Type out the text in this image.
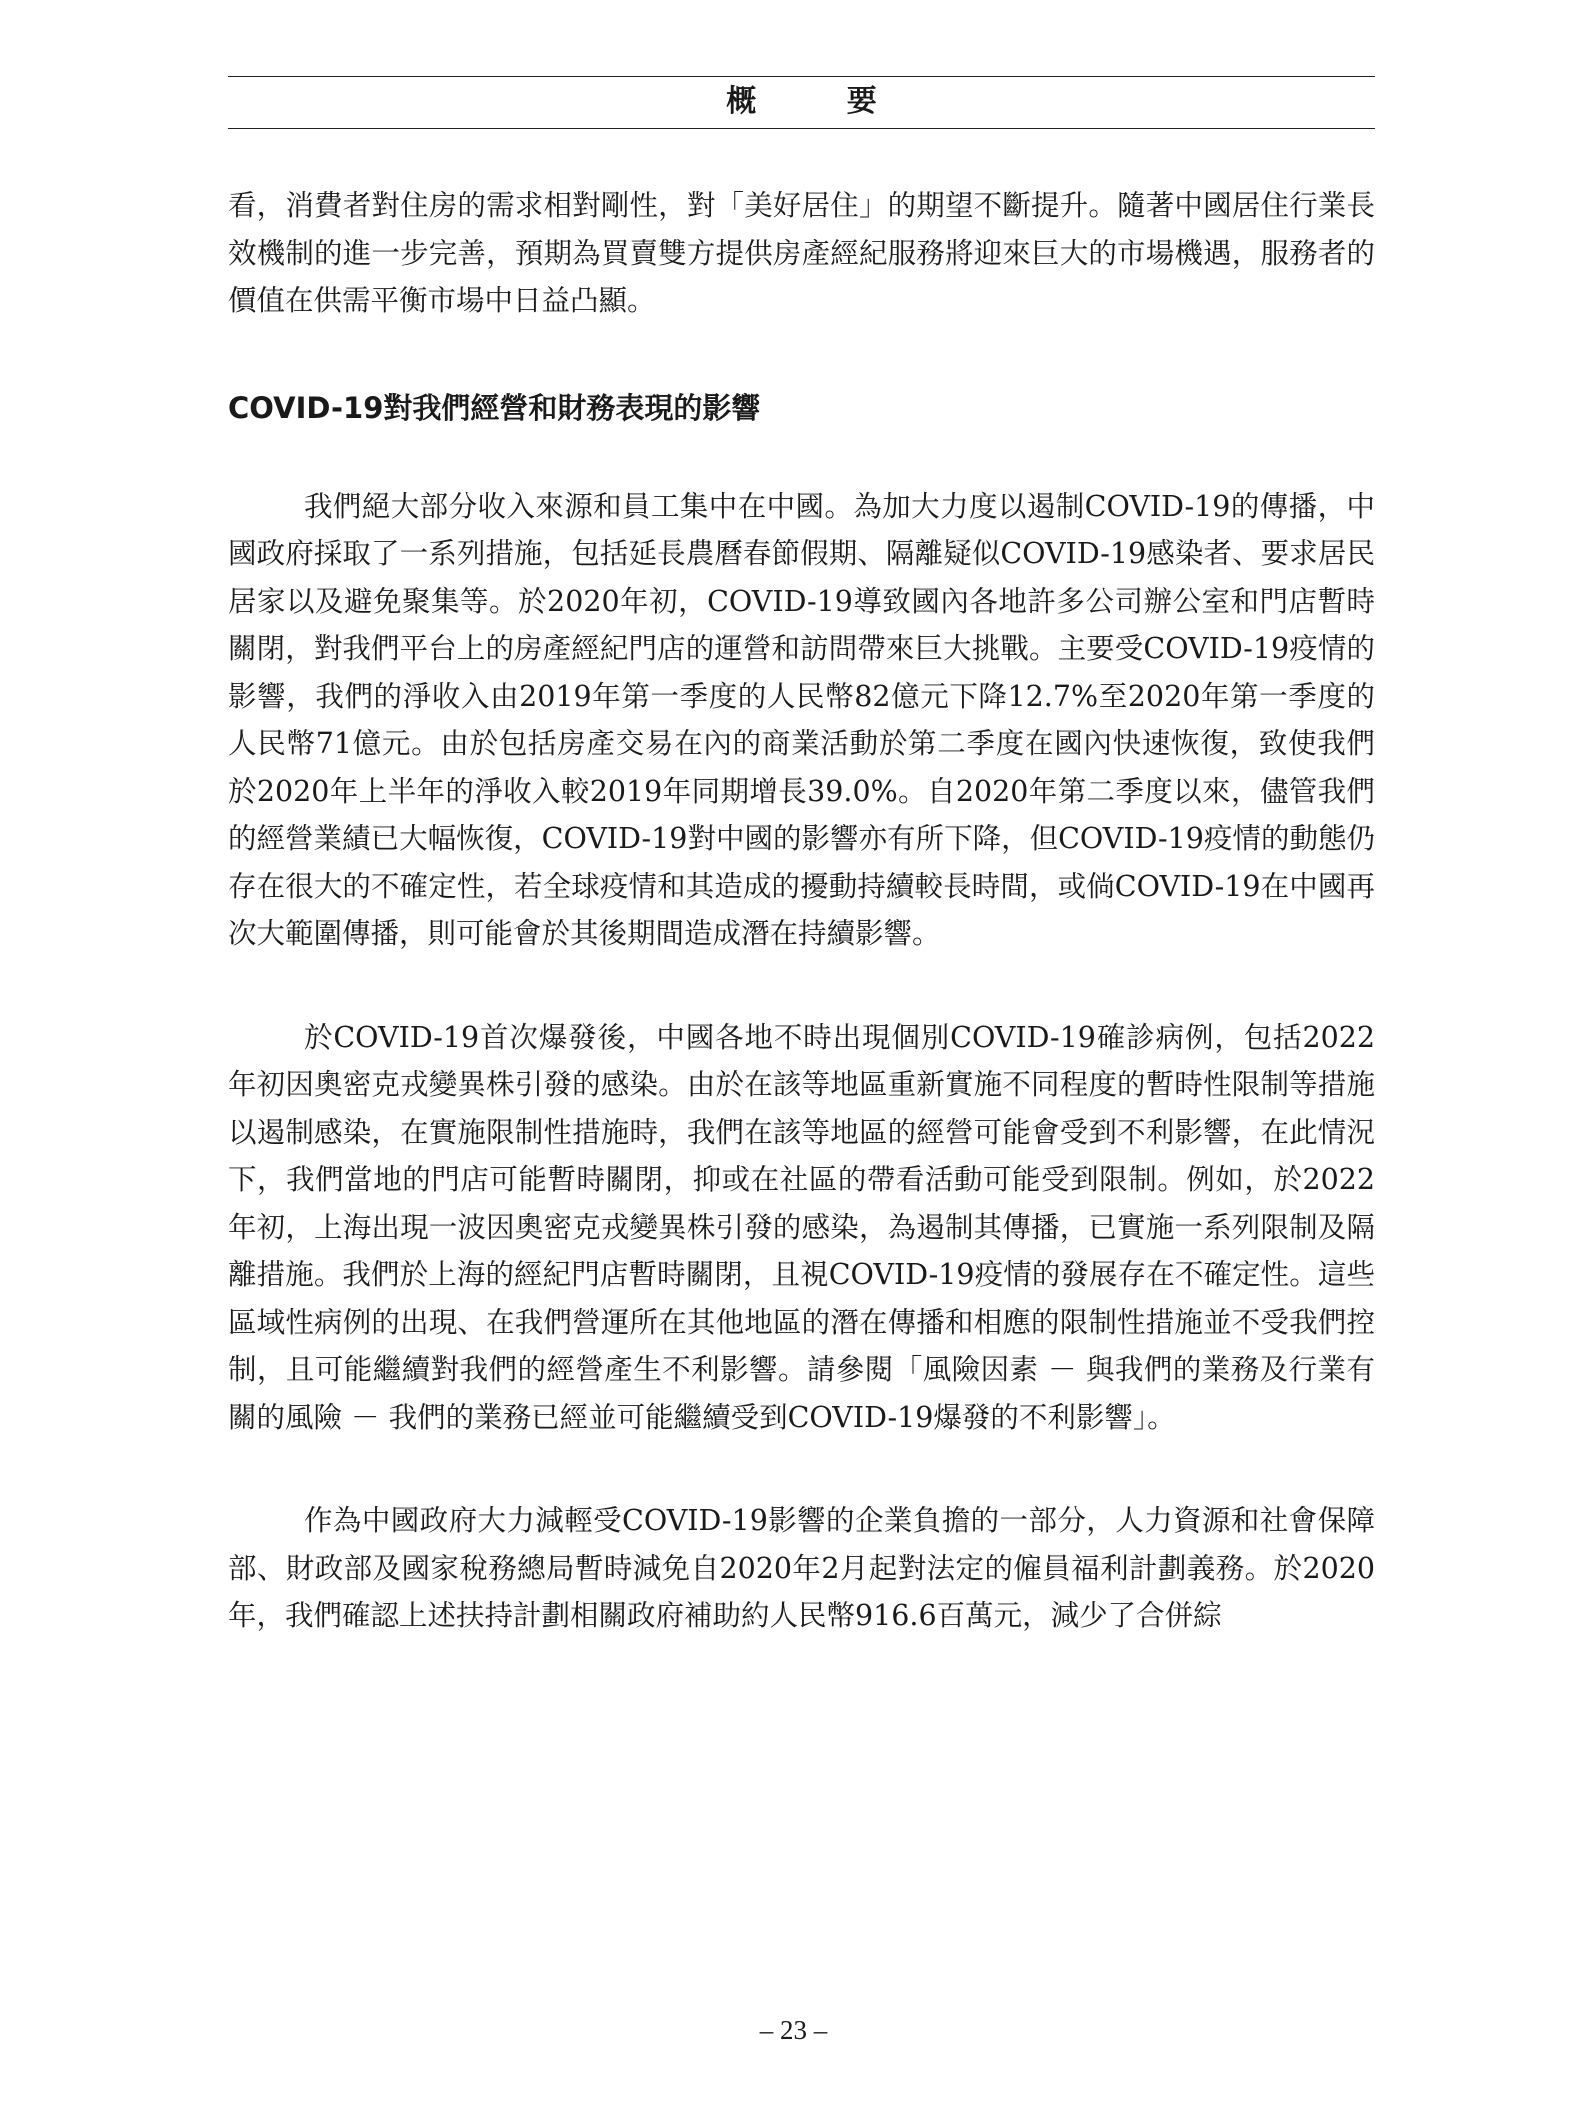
概 要

看，消費者對住房的需求相對剛性，對「美好居住」的期望不斷提升。隨著中國居住行業長效機制的進一步完善，預期為買賣雙方提供房產經紀服務將迎來巨大的市場機遇，服務者的價值在供需平衡市場中日益凸顯。

COVID-19對我們經營和財務表現的影響

我們絕大部分收入來源和員工集中在中國。為加大力度以遏制COVID-19的傳播，中國政府採取了一系列措施，包括延長農曆春節假期、隔離疑似COVID-19感染者、要求居民居家以及避免聚集等。於2020年初，COVID-19導致國內各地許多公司辦公室和門店暫時關閉，對我們平台上的房產經紀門店的運營和訪問帶來巨大挑戰。主要受COVID-19疫情的影響，我們的淨收入由2019年第一季度的人民幣82億元下降12.7%至2020年第一季度的人民幣71億元。由於包括房產交易在內的商業活動於第二季度在國內快速恢復，致使我們於2020年上半年的淨收入較2019年同期增長39.0%。自2020年第二季度以來，儘管我們的經營業績已大幅恢復，COVID-19對中國的影響亦有所下降，但COVID-19疫情的動態仍存在很大的不確定性，若全球疫情和其造成的擾動持續較長時間，或倘COVID-19在中國再次大範圍傳播，則可能會於其後期間造成潛在持續影響。

於COVID-19首次爆發後，中國各地不時出現個別COVID-19確診病例，包括2022年初因奧密克戎變異株引發的感染。由於在該等地區重新實施不同程度的暫時性限制等措施以遏制感染，在實施限制性措施時，我們在該等地區的經營可能會受到不利影響，在此情況下，我們當地的門店可能暫時關閉，抑或在社區的帶看活動可能受到限制。例如，於2022年初，上海出現一波因奧密克戎變異株引發的感染，為遏制其傳播，已實施一系列限制及隔離措施。我們於上海的經紀門店暫時關閉，且視COVID-19疫情的發展存在不確定性。這些區域性病例的出現、在我們營運所在其他地區的潛在傳播和相應的限制性措施並不受我們控制，且可能繼續對我們的經營產生不利影響。請參閱「風險因素 － 與我們的業務及行業有關的風險 － 我們的業務已經並可能繼續受到COVID-19爆發的不利影響」。

作為中國政府大力減輕受COVID-19影響的企業負擔的一部分，人力資源和社會保障部、財政部及國家稅務總局暫時減免自2020年2月起對法定的僱員福利計劃義務。於2020年，我們確認上述扶持計劃相關政府補助約人民幣916.6百萬元，減少了合併綜

– 23 –
